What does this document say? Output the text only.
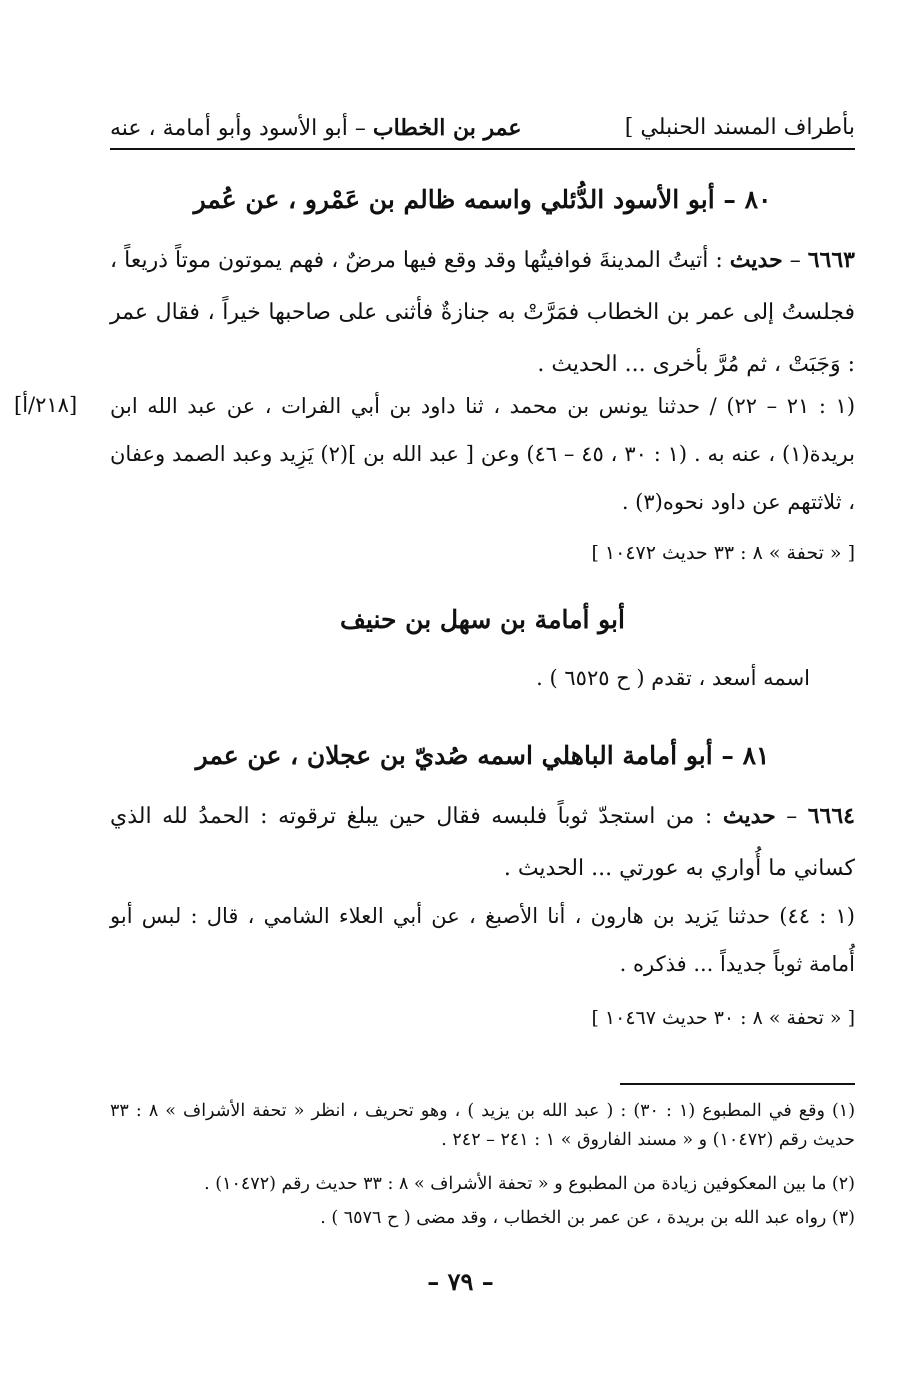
بأطراف المسند الحنبلي ]
عمر بن الخطاب – أبو الأسود وأبو أمامة ، عنه
٨٠ – أبو الأسود الدُّئلي واسمه ظالم بن عَمْرو ، عن عُمر
٦٦٦٣ – حديث : أتيتُ المدينةَ فوافيتُها وقد وقع فيها مرضٌ ، فهم يموتون موتاً ذريعاً ، فجلستُ إلى عمر بن الخطاب فمَرَّتْ به جنازةٌ فأثنى على صاحبها خيراً ، فقال عمر : وَجَبَتْ ، ثم مُرَّ بأخرى ... الحديث .
[٢١٨/أ] (١ : ٢١ – ٢٢) / حدثنا يونس بن محمد ، ثنا داود بن أبي الفرات ، عن عبد الله ابن بريدة(١) ، عنه به . (١ : ٣٠ ، ٤٥ – ٤٦) وعن [ عبد الله بن ](٢) يَزِيد وعبد الصمد وعفان ، ثلاثتهم عن داود نحوه(٣) .
[ « تحفة » ٨ : ٣٣ حديث ١٠٤٧٢ ]
أبو أمامة بن سهل بن حنيف
اسمه أسعد ، تقدم ( ح ٦٥٢٥ ) .
٨١ – أبو أمامة الباهلي اسمه صُديّ بن عجلان ، عن عمر
٦٦٦٤ – حديث : من استجدّ ثوباً فلبسه فقال حين يبلغ ترقوته : الحمدُ لله الذي كساني ما أُواري به عورتي ... الحديث .
(١ : ٤٤) حدثنا يَزيد بن هارون ، أنا الأصبغ ، عن أبي العلاء الشامي ، قال : لبس أبو أُمامة ثوباً جديداً ... فذكره .
[ « تحفة » ٨ : ٣٠ حديث ١٠٤٦٧ ]
(١) وقع في المطبوع (١ : ٣٠) : ( عبد الله بن يزيد ) ، وهو تحريف ، انظر « تحفة الأشراف » ٨ : ٣٣ حديث رقم (١٠٤٧٢) و « مسند الفاروق » ١ : ٢٤١ – ٢٤٢ .
(٢) ما بين المعكوفين زيادة من المطبوع و « تحفة الأشراف » ٨ : ٣٣ حديث رقم (١٠٤٧٢) .
(٣) رواه عبد الله بن بريدة ، عن عمر بن الخطاب ، وقد مضى ( ح ٦٥٧٦ ) .
– ٧٩ –
